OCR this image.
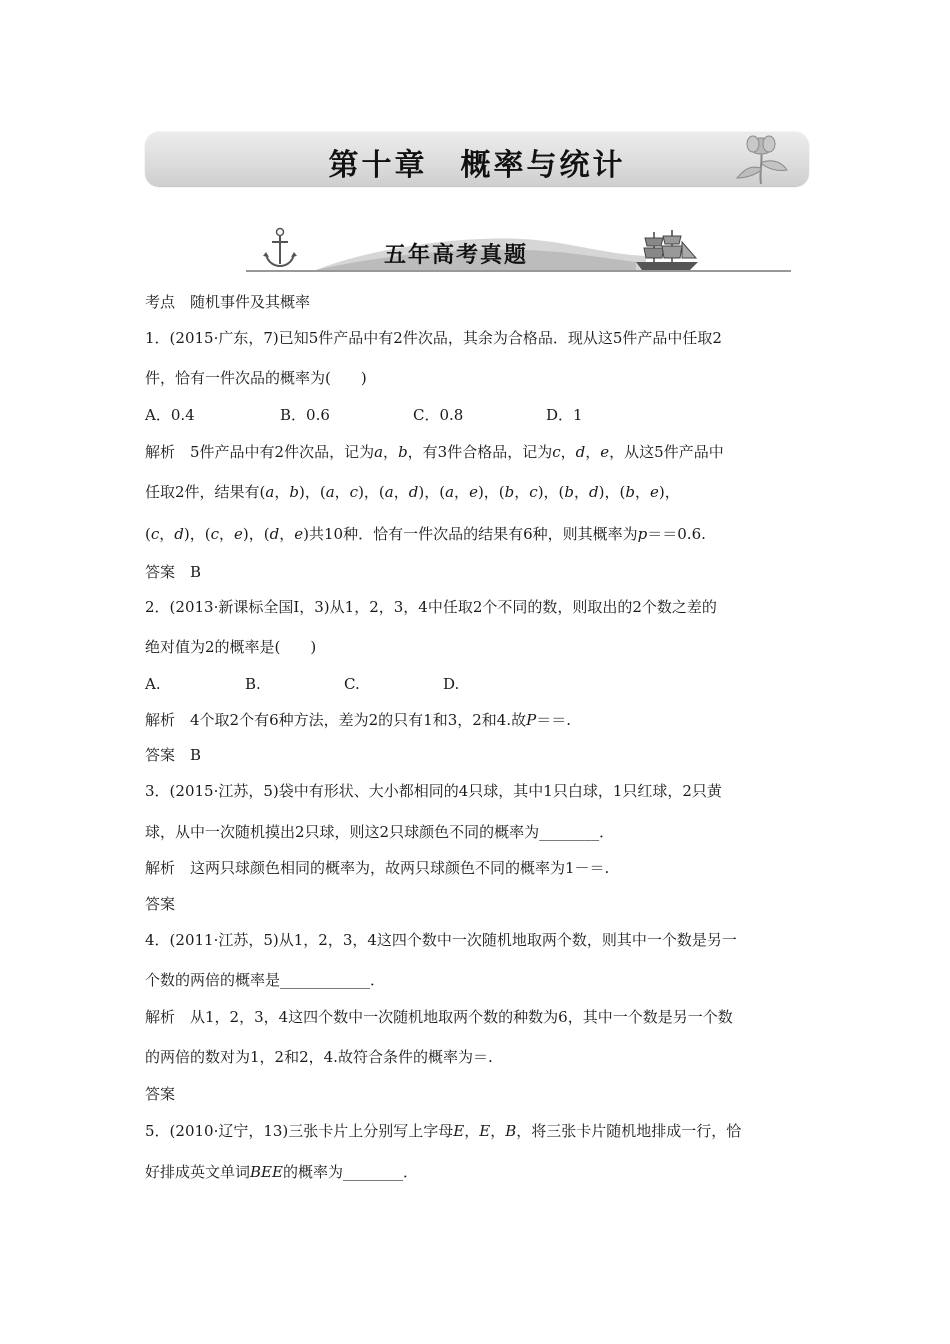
第十章　概率与统计
五年高考真题
考点　随机事件及其概率
1．(2015·广东，7)已知5件产品中有2件次品，其余为合格品．现从这5件产品中任取2
件，恰有一件次品的概率为(　　)
A．0.4	B．0.6	C．0.8	D．1
解析　5件产品中有2件次品，记为a，b，有3件合格品，记为c，d，e，从这5件产品中
任取2件，结果有(a，b)，(a，c)，(a，d)，(a，e)，(b，c)，(b，d)，(b，e)，
(c，d)，(c，e)，(d，e)共10种．恰有一件次品的结果有6种，则其概率为p＝＝0.6.
答案　B
2．(2013·新课标全国Ⅰ，3)从1，2，3，4中任取2个不同的数，则取出的2个数之差的
绝对值为2的概率是(　　)
A.	B.	C.	D.
解析　4个取2个有6种方法，差为2的只有1和3，2和4.故P＝＝.
答案　B
3．(2015·江苏，5)袋中有形状、大小都相同的4只球，其中1只白球，1只红球，2只黄
球，从中一次随机摸出2只球，则这2只球颜色不同的概率为________．
解析　这两只球颜色相同的概率为，故两只球颜色不同的概率为1－＝.
答案
4．(2011·江苏，5)从1，2，3，4这四个数中一次随机地取两个数，则其中一个数是另一
个数的两倍的概率是____________．
解析　从1，2，3，4这四个数中一次随机地取两个数的种数为6，其中一个数是另一个数
的两倍的数对为1，2和2，4.故符合条件的概率为＝.
答案
5．(2010·辽宁，13)三张卡片上分别写上字母E，E，B，将三张卡片随机地排成一行，恰
好排成英文单词BEE的概率为________．
